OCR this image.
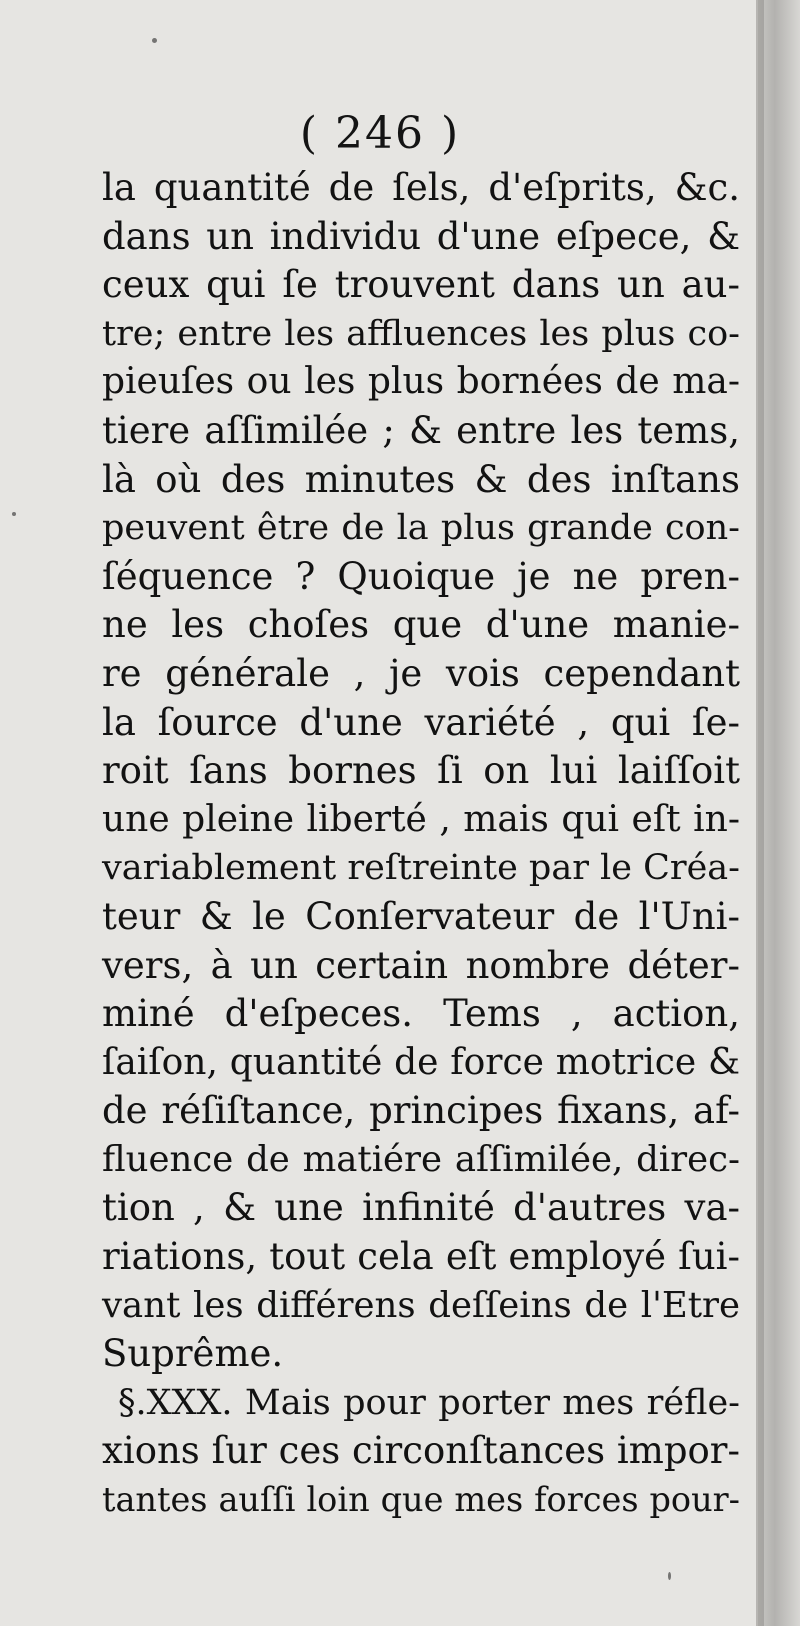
( 246 )
la quantité de ſels, d'eſprits, &c.
dans un individu d'une eſpece, &
ceux qui ſe trouvent dans un au-
tre; entre les affluences les plus co-
pieuſes ou les plus bornées de ma-
tiere aſſimilée ; & entre les tems,
là où des minutes & des inſtans
peuvent être de la plus grande con-
ſéquence ? Quoique je ne pren-
ne les choſes que d'une manie-
re générale , je vois cependant
la ſource d'une variété , qui ſe-
roit ſans bornes ſi on lui laiſſoit
une pleine liberté , mais qui eſt in-
variablement reſtreinte par le Créa-
teur & le Conſervateur de l'Uni-
vers, à un certain nombre déter-
miné d'eſpeces. Tems , action,
ſaiſon, quantité de force motrice &
de réſiſtance, principes fixans, af-
fluence de matiére aſſimilée, direc-
tion , & une infinité d'autres va-
riations, tout cela eſt employé ſui-
vant les différens deſſeins de l'Etre
Suprême.
§.XXX. Mais pour porter mes réfle-
xions ſur ces circonſtances impor-
tantes auſſi loin que mes forces pour-
